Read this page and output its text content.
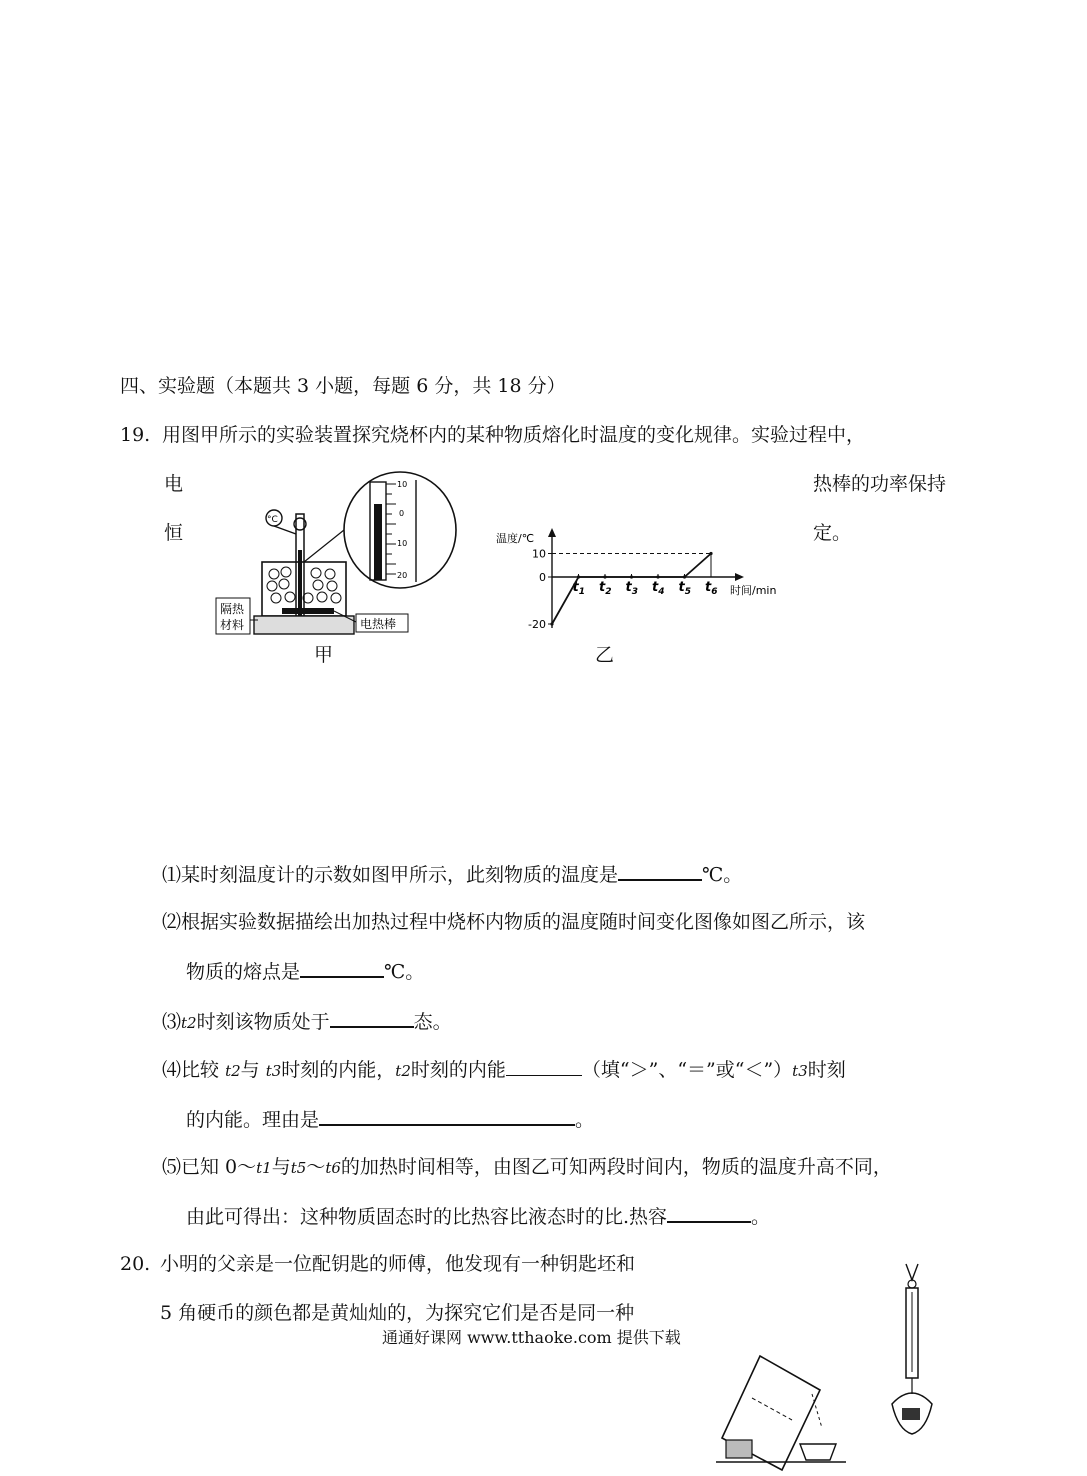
四、实验题（本题共 3 小题，每题 6 分，共 18 分）
19. 用图甲所示的实验装置探究烧杯内的某种物质熔化时温度的变化规律。实验过程中，
电
恒
热棒的功率保持
定。
°C
10
0
10
20
隔热
材料	电热棒
甲
温度/℃
时间/min
10
0
-20
$t_1$ $t_2$ $t_3$ $t_4$ $t_5$ $t_6$
乙
⑴某时刻温度计的示数如图甲所示，此刻物质的温度是	℃。
⑵根据实验数据描绘出加热过程中烧杯内物质的温度随时间变化图像如图乙所示，该
物质的熔点是	℃。
⑶t2时刻该物质处于	态。
⑷比较 t2与 t3时刻的内能，t2时刻的内能	（填“＞”、“＝”或“＜”）t3时刻
的内能。理由是	。
⑸已知 0～t1与t5～t6的加热时间相等，由图乙可知两段时间内，物质的温度升高不同，
由此可得出：这种物质固态时的比热容比液态时的比.热容	。
20. 小明的父亲是一位配钥匙的师傅，他发现有一种钥匙坯和
5 角硬币的颜色都是黄灿灿的，为探究它们是否是同一种
通通好课网 www.tthaoke.com 提供下载
